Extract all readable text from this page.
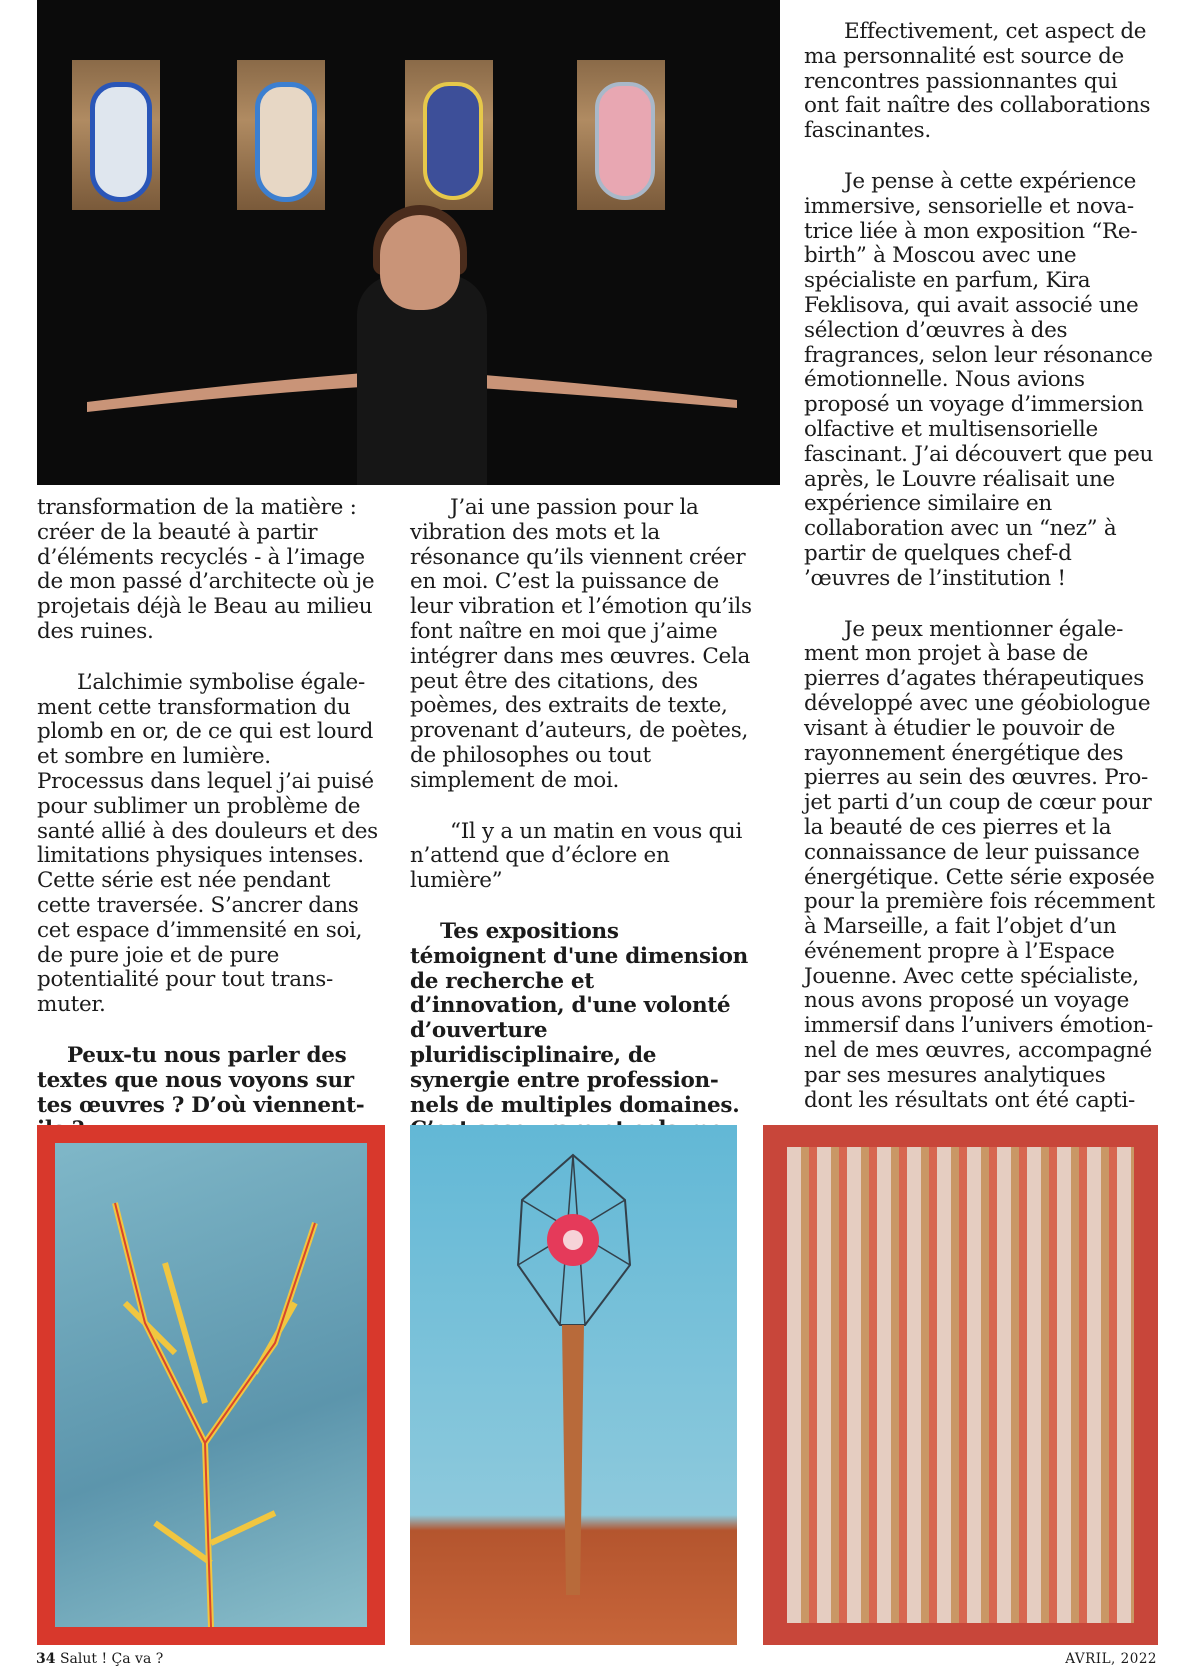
transformation de la matière : créer de la beauté à partir d’éléments recyclés - à l’image de mon passé d’architecte où je projetais déjà le Beau au milieu des ruines.

L’alchimie symbolise également cette transformation du plomb en or, de ce qui est lourd et sombre en lumière. Processus dans lequel j’ai puisé pour sublimer un problème de santé allié à des douleurs et des limitations physiques intenses. Cette série est née pendant cette traversée. S’ancrer dans cet espace d’immensité en soi, de pure joie et de pure potentialité pour tout transmuter.

Peux-tu nous parler des textes que nous voyons sur tes œuvres ? D’où viennent-

J’ai une passion pour la vibration des mots et la résonance qu’ils viennent créer en moi. C’est la puissance de leur vibration et l’émotion qu’ils font naître en moi que j’aime intégrer dans mes œuvres. Cela peut être des citations, des poèmes, des extraits de texte, provenant d’auteurs, de poètes, de philosophes ou tout simplement de moi.

“Il y a un matin en vous qui n’attend que d’éclore en lumière”

Tes expositions témoignent d'une dimension de recherche et d’innovation, d'une volonté d’ouverture pluridisciplinaire, de synergie entre professionnels de multiples domaines.

Effectivement, cet aspect de ma personnalité est source de rencontres passionnantes qui ont fait naître des collaborations fascinantes.

Je pense à cette expérience immersive, sensorielle et novatrice liée à mon exposition “Rebirth” à Moscou avec une spécialiste en parfum, Kira Feklisova, qui avait associé une sélection d’œuvres à des fragrances, selon leur résonance émotionnelle. Nous avions proposé un voyage d’immersion olfactive et multisensorielle fascinant. J’ai découvert que peu après, le Louvre réalisait une expérience similaire en collaboration avec un “nez” à partir de quelques chef-d ’œuvres de l’institution !

Je peux mentionner également mon projet à base de pierres d’agates thérapeutiques développé avec une géobiologue visant à étudier le pouvoir de rayonnement énergétique des pierres au sein des œuvres. Projet parti d’un coup de cœur pour la beauté de ces pierres et la connaissance de leur puissance énergétique. Cette série exposée pour la première fois récemment à Marseille, a fait l’objet d’un événement propre à l’Espace Jouenne. Avec cette spécialiste, nous avons proposé un voyage immersif dans l’univers émotionnel de mes œuvres, accompagné par ses mesures analytiques dont les résultats ont été capti-

34 Salut ! Ça va ?	AVRIL, 2022
